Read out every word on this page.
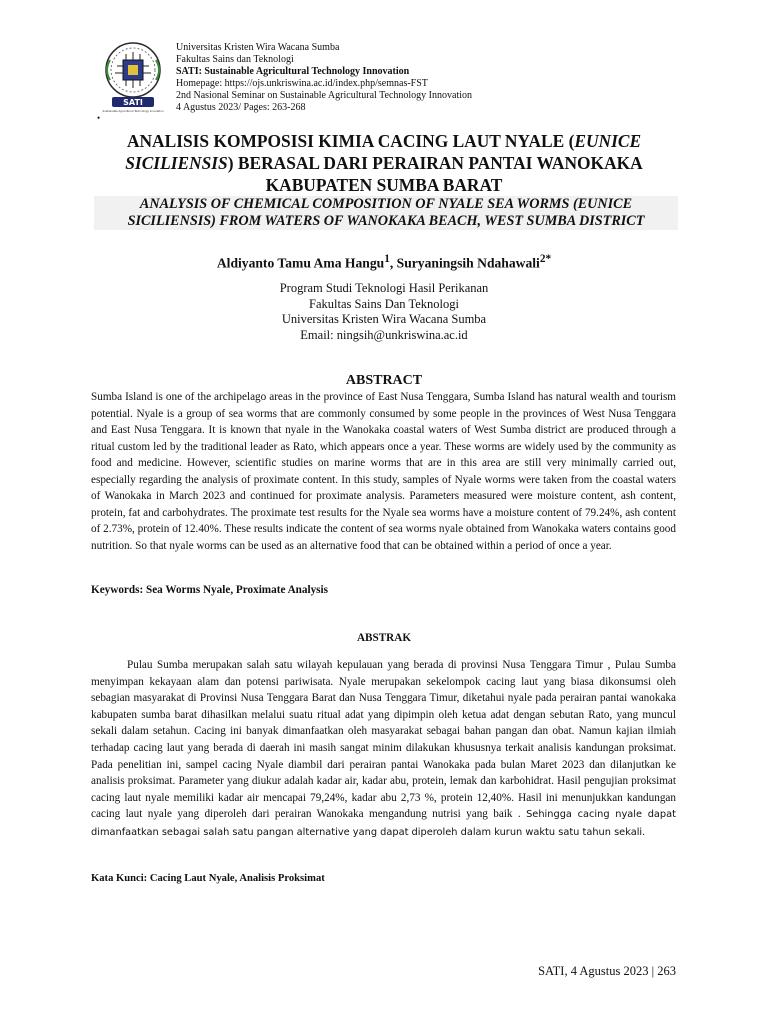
SATI
Sustainable Agricultural Technology Innovation
Universitas Kristen Wira Wacana Sumba
Fakultas Sains dan Teknologi
SATI: Sustainable Agricultural Technology Innovation
Homepage: https://ojs.unkriswina.ac.id/index.php/semnas-FST
2nd Nasional Seminar on Sustainable Agricultural Technology Innovation
4 Agustus 2023/ Pages: 263-268
•
ANALISIS KOMPOSISI KIMIA CACING LAUT NYALE (EUNICE SICILIENSIS) BERASAL DARI PERAIRAN PANTAI WANOKAKA KABUPATEN SUMBA BARAT
ANALYSIS OF CHEMICAL COMPOSITION OF NYALE SEA WORMS (EUNICE SICILIENSIS) FROM WATERS OF WANOKAKA BEACH, WEST SUMBA DISTRICT
Aldiyanto Tamu Ama Hangu$^1$, Suryaningsih Ndahawali$^{2*}$
Program Studi Teknologi Hasil Perikanan
Fakultas Sains Dan Teknologi
Universitas Kristen Wira Wacana Sumba
Email: ningsih@unkriswina.ac.id
ABSTRACT
Sumba Island is one of the archipelago areas in the province of East Nusa Tenggara, Sumba Island has natural wealth and tourism potential. Nyale is a group of sea worms that are commonly consumed by some people in the provinces of West Nusa Tenggara and East Nusa Tenggara. It is known that nyale in the Wanokaka coastal waters of West Sumba district are produced through a ritual custom led by the traditional leader as Rato, which appears once a year. These worms are widely used by the community as food and medicine. However, scientific studies on marine worms that are in this area are still very minimally carried out, especially regarding the analysis of proximate content. In this study, samples of Nyale worms were taken from the coastal waters of Wanokaka in March 2023 and continued for proximate analysis. Parameters measured were moisture content, ash content, protein, fat and carbohydrates. The proximate test results for the Nyale sea worms have a moisture content of 79.24%, ash content of 2.73%, protein of 12.40%. These results indicate the content of sea worms nyale obtained from Wanokaka waters contains good nutrition. So that nyale worms can be used as an alternative food that can be obtained within a period of once a year.
Keywords: Sea Worms Nyale, Proximate Analysis
ABSTRAK
Pulau Sumba merupakan salah satu wilayah kepulauan yang berada di provinsi Nusa Tenggara Timur , Pulau Sumba menyimpan kekayaan alam dan potensi pariwisata. Nyale merupakan sekelompok cacing laut yang biasa dikonsumsi oleh sebagian masyarakat di Provinsi Nusa Tenggara Barat dan Nusa Tenggara Timur, diketahui nyale pada perairan pantai wanokaka kabupaten sumba barat dihasilkan melalui suatu ritual adat yang dipimpin oleh ketua adat dengan sebutan Rato, yang muncul sekali dalam setahun. Cacing ini banyak dimanfaatkan oleh masyarakat sebagai bahan pangan dan obat. Namun kajian ilmiah terhadap cacing laut yang berada di daerah ini masih sangat minim dilakukan khususnya terkait analisis kandungan proksimat. Pada penelitian ini, sampel cacing Nyale diambil dari perairan pantai Wanokaka pada bulan Maret 2023 dan dilanjutkan ke analisis proksimat. Parameter yang diukur adalah kadar air, kadar abu, protein, lemak dan karbohidrat. Hasil pengujian proksimat cacing laut nyale memiliki kadar air mencapai 79,24%, kadar abu 2,73 %, protein 12,40%. Hasil ini menunjukkan kandungan cacing laut nyale yang diperoleh dari perairan Wanokaka mengandung nutrisi yang baik . Sehingga cacing nyale dapat dimanfaatkan sebagai salah satu pangan alternative yang dapat diperoleh dalam kurun waktu satu tahun sekali.
Kata Kunci: Cacing Laut Nyale, Analisis Proksimat
SATI, 4 Agustus 2023 | 263
